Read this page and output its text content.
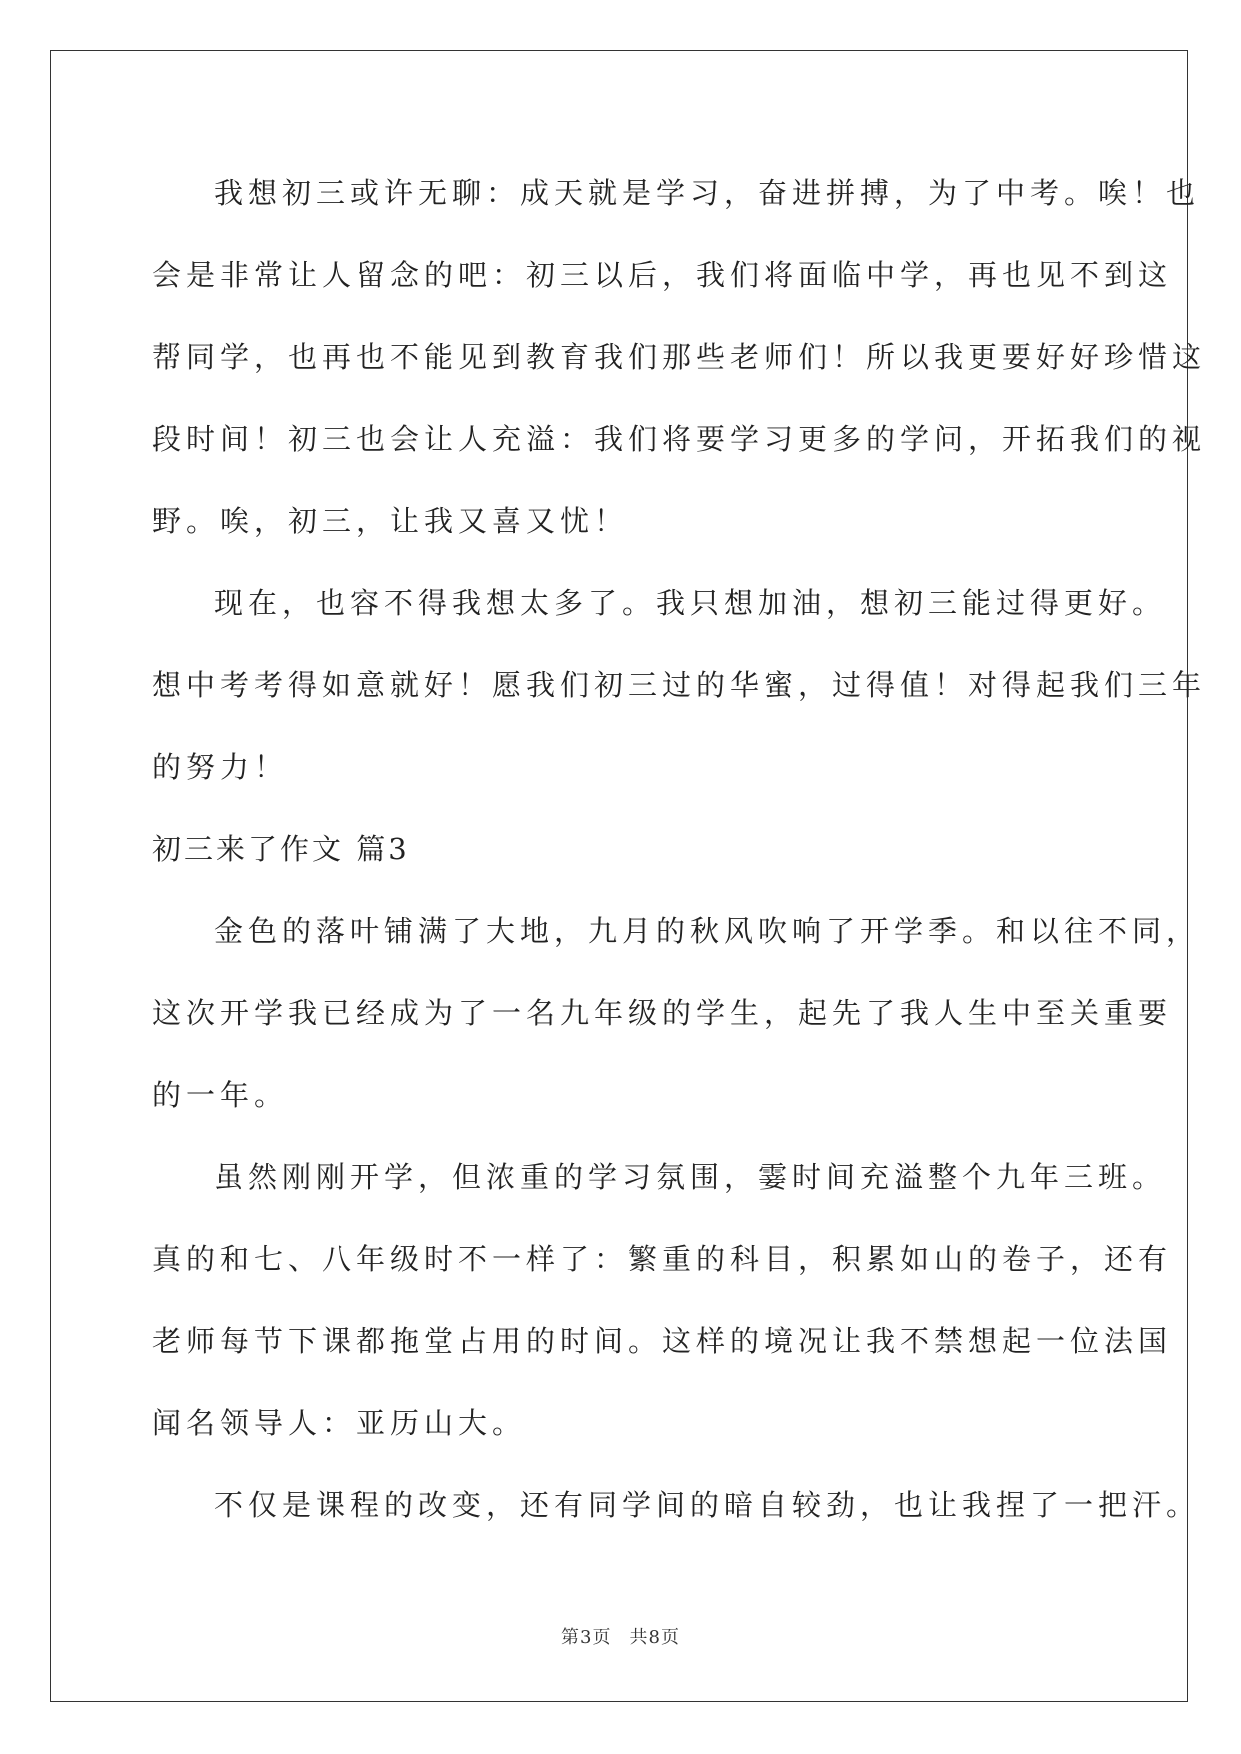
我想初三或许无聊：成天就是学习，奋进拼搏，为了中考。唉！也
会是非常让人留念的吧：初三以后，我们将面临中学，再也见不到这
帮同学，也再也不能见到教育我们那些老师们！所以我更要好好珍惜这
段时间！初三也会让人充溢：我们将要学习更多的学问，开拓我们的视
野。唉，初三，让我又喜又忧！
现在，也容不得我想太多了。我只想加油，想初三能过得更好。
想中考考得如意就好！愿我们初三过的华蜜，过得值！对得起我们三年
的努力！
初三来了作文 篇3
金色的落叶铺满了大地，九月的秋风吹响了开学季。和以往不同，
这次开学我已经成为了一名九年级的学生，起先了我人生中至关重要
的一年。
虽然刚刚开学，但浓重的学习氛围，霎时间充溢整个九年三班。
真的和七、八年级时不一样了：繁重的科目，积累如山的卷子，还有
老师每节下课都拖堂占用的时间。这样的境况让我不禁想起一位法国
闻名领导人：亚历山大。
不仅是课程的改变，还有同学间的暗自较劲，也让我捏了一把汗。
第3页 共8页
